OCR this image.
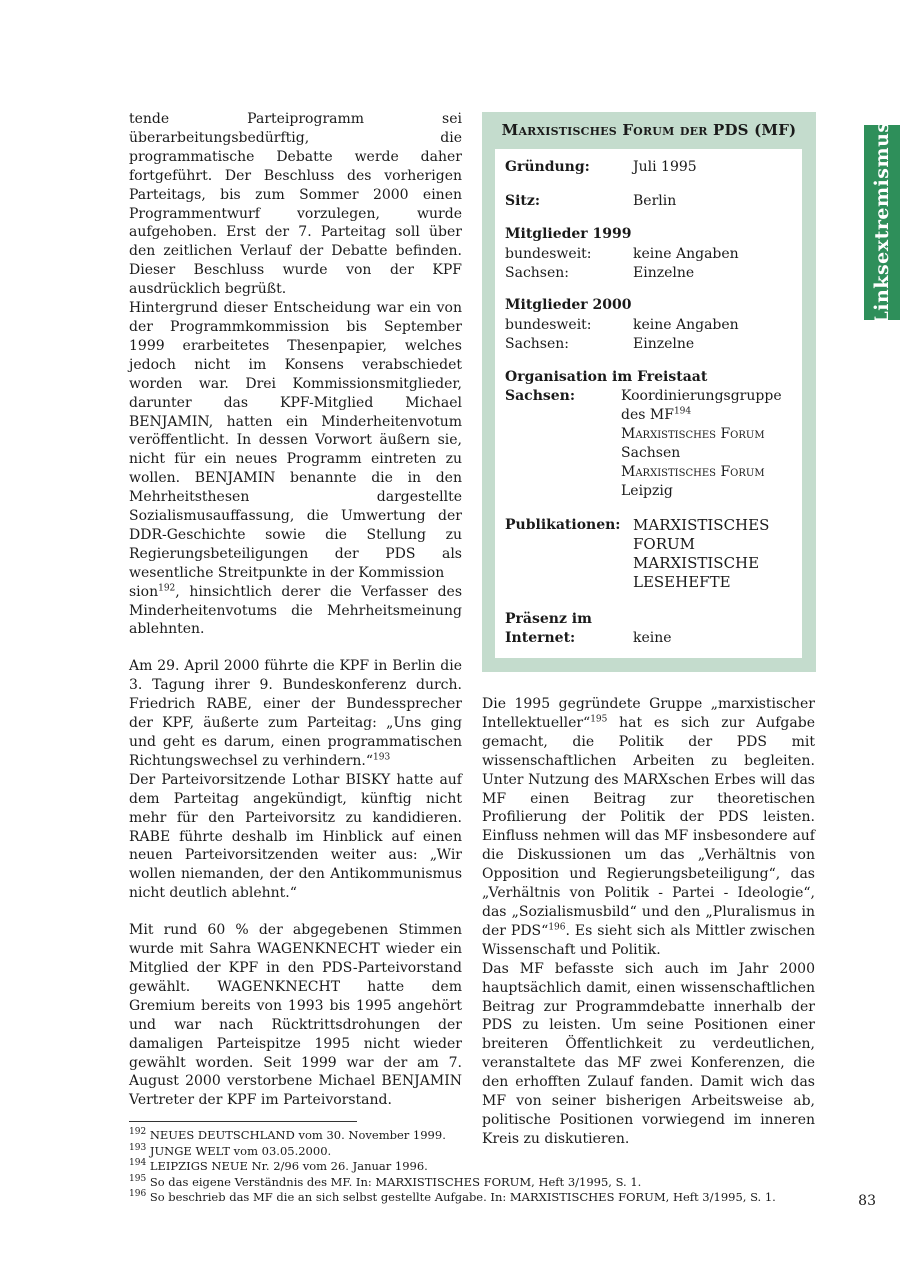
tende Parteiprogramm sei überarbeitungsbedürftig, die programmatische Debatte werde daher fortgeführt. Der Beschluss des vorherigen Parteitags, bis zum Sommer 2000 einen Programmentwurf vorzulegen, wurde aufgehoben. Erst der 7. Parteitag soll über den zeitlichen Verlauf der Debatte befinden. Dieser Beschluss wurde von der KPF ausdrücklich begrüßt.

Hintergrund dieser Entscheidung war ein von der Programmkommission bis September 1999 erarbeitetes Thesenpapier, welches jedoch nicht im Konsens verabschiedet worden war. Drei Kommissionsmitglieder, darunter das KPF-Mitglied Michael BENJAMIN, hatten ein Minderheitenvotum veröffentlicht. In dessen Vorwort äußern sie, nicht für ein neues Programm eintreten zu wollen. BENJAMIN benannte die in den Mehrheitsthesen dargestellte Sozialismusauffassung, die Umwertung der DDR-Geschichte sowie die Stellung zu Regierungsbeteiligungen der PDS als wesentliche Streitpunkte in der Kommission

sion$^{192}$, hinsichtlich derer die Verfasser des Minderheitenvotums die Mehrheitsmeinung ablehnten.

Am 29. April 2000 führte die KPF in Berlin die 3. Tagung ihrer 9. Bundeskonferenz durch. Friedrich RABE, einer der Bundessprecher der KPF, äußerte zum Parteitag: „Uns ging und geht es darum, einen programmatischen Richtungswechsel zu verhindern.“$^{193}$

Der Parteivorsitzende Lothar BISKY hatte auf dem Parteitag angekündigt, künftig nicht mehr für den Parteivorsitz zu kandidieren. RABE führte deshalb im Hinblick auf einen neuen Parteivorsitzenden weiter aus: „Wir wollen niemanden, der den Antikommunismus nicht deutlich ablehnt.“

Mit rund 60 % der abgegebenen Stimmen wurde mit Sahra WAGENKNECHT wieder ein Mitglied der KPF in den PDS-Parteivorstand gewählt. WAGENKNECHT hatte dem Gremium bereits von 1993 bis 1995 angehört und war nach Rücktrittsdrohungen der damaligen Parteispitze 1995 nicht wieder gewählt worden. Seit 1999 war der am 7. August 2000 verstorbene Michael BENJAMIN Vertreter der KPF im Parteivorstand.

Marxistisches Forum der PDS (MF)
Gründung:	Juli 1995
Sitz:	Berlin
Mitglieder 1999
bundesweit:	keine Angaben
Sachsen:	Einzelne
Mitglieder 2000
bundesweit:	keine Angaben
Sachsen:	Einzelne
Organisation im Freistaat
Sachsen:	Koordinierungsgruppe
des MF$^{194}$
Marxistisches Forum
Sachsen
Marxistisches Forum
Leipzig
Publikationen: MARXISTISCHES
FORUM
MARXISTISCHE
LESEHEFTE
Präsenz im
Internet:	keine

Die 1995 gegründete Gruppe „marxistischer Intellektueller“$^{195}$ hat es sich zur Aufgabe gemacht, die Politik der PDS mit wissenschaftlichen Arbeiten zu begleiten. Unter Nutzung des MARXschen Erbes will das MF einen Beitrag zur theoretischen Profilierung der Politik der PDS leisten. Einfluss nehmen will das MF insbesondere auf die Diskussionen um das „Verhältnis von Opposition und Regierungsbeteiligung“, das „Verhältnis von Politik - Partei - Ideologie“, das „Sozialismusbild“ und den „Pluralismus in der PDS“$^{196}$. Es sieht sich als Mittler zwischen Wissenschaft und Politik.

Das MF befasste sich auch im Jahr 2000 hauptsächlich damit, einen wissenschaftlichen Beitrag zur Programmdebatte innerhalb der PDS zu leisten. Um seine Positionen einer breiteren Öffentlichkeit zu verdeutlichen, veranstaltete das MF zwei Konferenzen, die den erhofften Zulauf fanden. Damit wich das MF von seiner bisherigen Arbeitsweise ab, politische Positionen vorwiegend im inneren Kreis zu diskutieren.

Linksextremismus
$^{192}$ NEUES DEUTSCHLAND vom 30. November 1999.
$^{193}$ JUNGE WELT vom 03.05.2000.
$^{194}$ LEIPZIGS NEUE Nr. 2/96 vom 26. Januar 1996.
$^{195}$ So das eigene Verständnis des MF. In: MARXISTISCHES FORUM, Heft 3/1995, S. 1.
$^{196}$ So beschrieb das MF die an sich selbst gestellte Aufgabe. In: MARXISTISCHES FORUM, Heft 3/1995, S. 1.	83
